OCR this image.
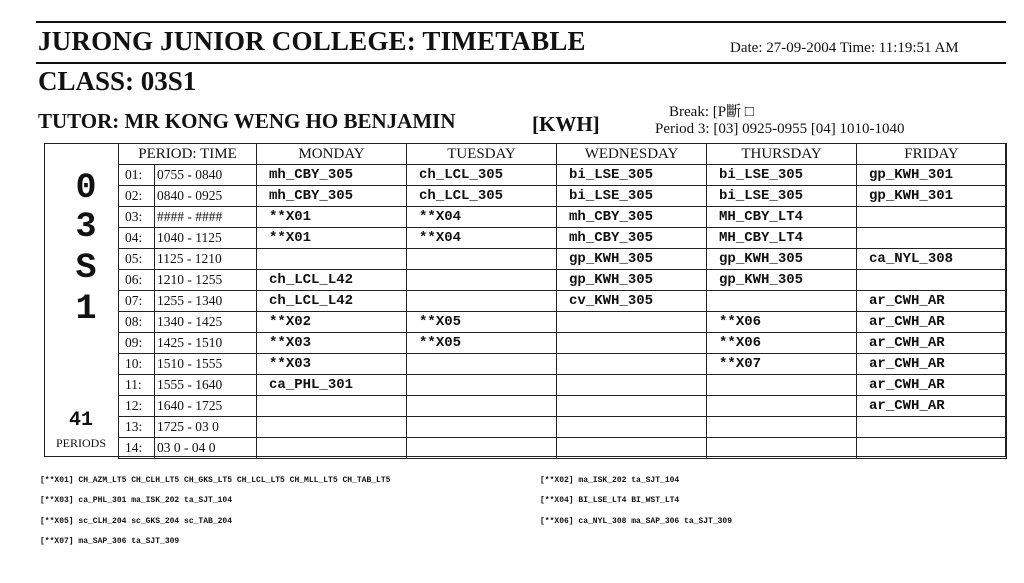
JURONG JUNIOR COLLEGE: TIMETABLE	Date: 27-09-2004 Time: 11:19:51 AM
CLASS: 03S1
TUTOR: MR KONG WENG HO BENJAMIN	[KWH]	Break: [P斷 □
Period 3: [03] 0925-0955 [04] 1010-1040
0
3
S
1
41
PERIODS
PERIOD: TIME		MONDAY	TUESDAY	WEDNESDAY	THURSDAY	FRIDAY
01:	0755 - 0840	mh_CBY_305	ch_LCL_305	bi_LSE_305	bi_LSE_305	gp_KWH_301
02:	0840 - 0925	mh_CBY_305	ch_LCL_305	bi_LSE_305	bi_LSE_305	gp_KWH_301
03:	#### - ####	**X01	**X04	mh_CBY_305	MH_CBY_LT4	
04:	1040 - 1125	**X01	**X04	mh_CBY_305	MH_CBY_LT4	
05:	1125 - 1210			gp_KWH_305	gp_KWH_305	ca_NYL_308
06:	1210 - 1255	ch_LCL_L42		gp_KWH_305	gp_KWH_305	
07:	1255 - 1340	ch_LCL_L42		cv_KWH_305		ar_CWH_AR
08:	1340 - 1425	**X02	**X05		**X06	ar_CWH_AR
09:	1425 - 1510	**X03	**X05		**X06	ar_CWH_AR
10:	1510 - 1555	**X03			**X07	ar_CWH_AR
11:	1555 - 1640	ca_PHL_301				ar_CWH_AR
12:	1640 - 1725					ar_CWH_AR
13:	1725 - 03 0					
14:	03 0 - 04 0					
[**X01] CH_AZM_LT5 CH_CLH_LT5 CH_GKS_LT5 CH_LCL_LT5 CH_MLL_LT5 CH_TAB_LT5	[**X02] ma_ISK_202 ta_SJT_104
[**X03] ca_PHL_301 ma_ISK_202 ta_SJT_104	[**X04] BI_LSE_LT4 BI_WST_LT4
[**X05] sc_CLH_204 sc_GKS_204 sc_TAB_204	[**X06] ca_NYL_308 ma_SAP_306 ta_SJT_309
[**X07] ma_SAP_306 ta_SJT_309
